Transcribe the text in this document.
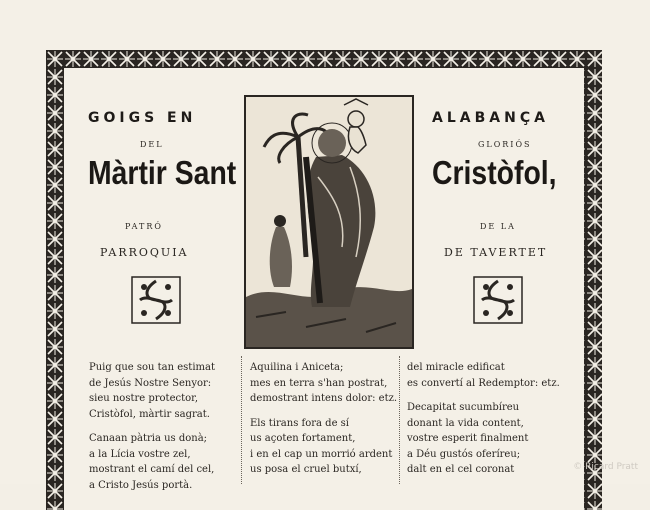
GOIGS EN	ALABANÇA
DEL	GLORIÓS
Màrtir Sant	Cristòfol,
PATRÓ	DE LA
PARROQUIA	DE TAVERTET

Puig que sou tan estimat

de Jesús Nostre Senyor:

sieu nostre protector,

Cristòfol, màrtir sagrat.

Canaan pàtria us donà;

a la Lícia vostre zel,

mostrant el camí del cel,

a Cristo Jesús portà.

Aquilina i Aniceta;

mes en terra s'han postrat,

demostrant intens dolor: etz.

Els tirans fora de sí

us açoten fortament,

i en el cap un morrió ardent

us posa el cruel butxí,

del miracle edificat

es convertí al Redemptor: etz.

Decapitat sucumbíreu

donant la vida content,

vostre esperit finalment

a Déu gustós oferíreu;

dalt en el cel coronat	© Ricard Pratt
